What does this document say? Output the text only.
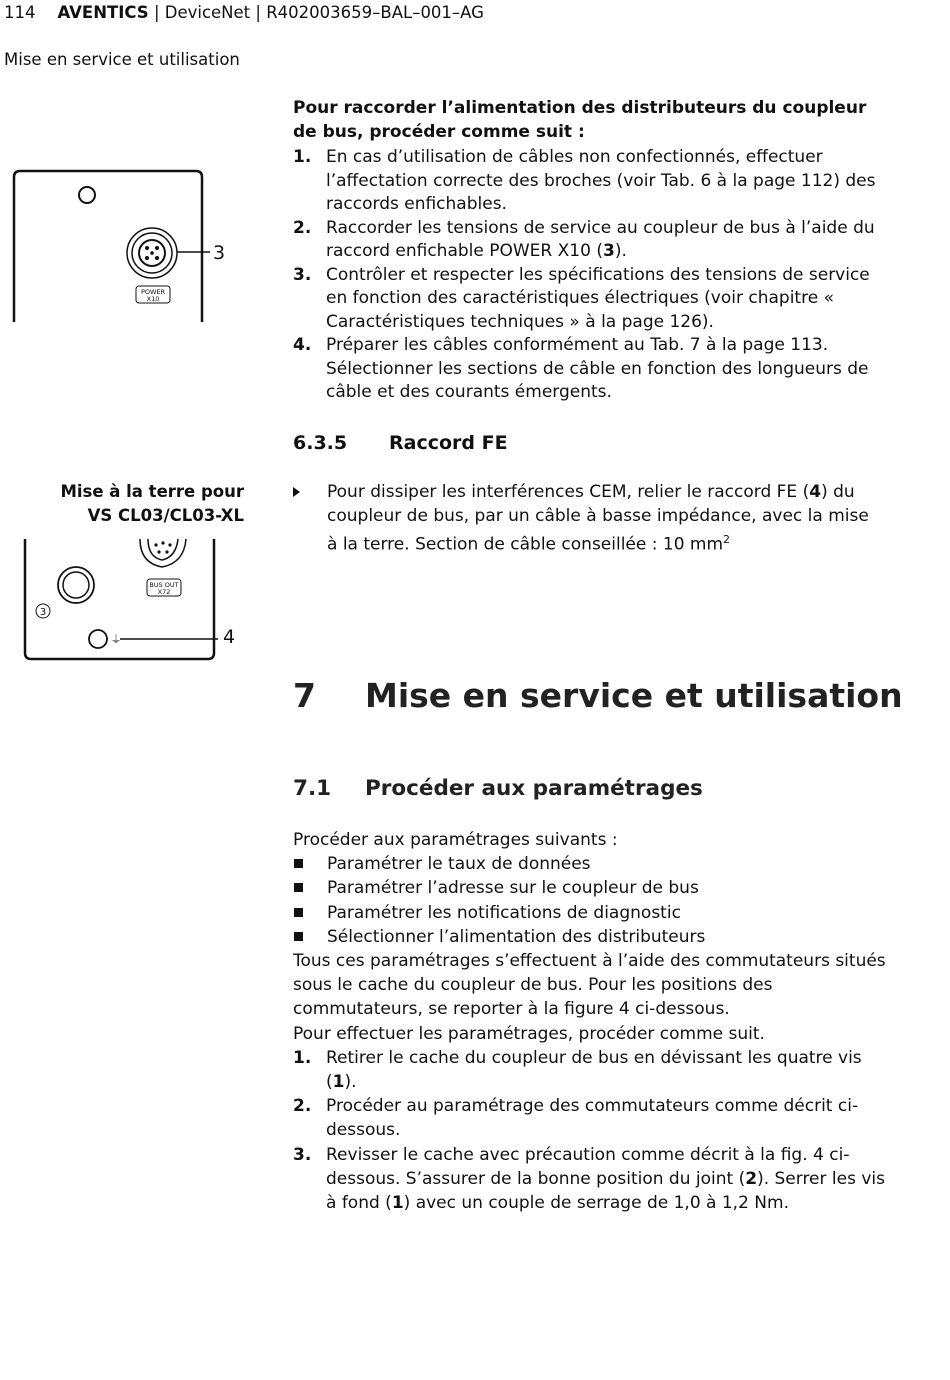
114 AVENTICS | DeviceNet | R402003659–BAL–001–AG
Mise en service et utilisation
3
POWER
X10
Pour raccorder l’alimentation des distributeurs du coupleur de bus, procéder comme suit :
1. En cas d’utilisation de câbles non confectionnés, effectuer l’affectation correcte des broches (voir Tab. 6 à la page 112) des raccords enfichables.
2. Raccorder les tensions de service au coupleur de bus à l’aide du raccord enfichable POWER X10 (3).
3. Contrôler et respecter les spécifications des tensions de service en fonction des caractéristiques électriques (voir chapitre « Caractéristiques techniques » à la page 126).
4. Préparer les câbles conformément au Tab. 7 à la page 113. Sélectionner les sections de câble en fonction des longueurs de câble et des courants émergents.
6.3.5 Raccord FE
Mise à la terre pour VS CL03/CL03-XL
Pour dissiper les interférences CEM, relier le raccord FE (4) du coupleur de bus, par un câble à basse impédance, avec la mise à la terre. Section de câble conseillée : 10 $mm^2$
BUS OUT
X72
3
⏚	4
7 Mise en service et utilisation
7.1 Procéder aux paramétrages
Procéder aux paramétrages suivants :
Paramétrer le taux de données
Paramétrer l’adresse sur le coupleur de bus
Paramétrer les notifications de diagnostic
Sélectionner l’alimentation des distributeurs
Tous ces paramétrages s’effectuent à l’aide des commutateurs situés sous le cache du coupleur de bus. Pour les positions des commutateurs, se reporter à la figure 4 ci-dessous.
Pour effectuer les paramétrages, procéder comme suit.
1. Retirer le cache du coupleur de bus en dévissant les quatre vis (1).
2. Procéder au paramétrage des commutateurs comme décrit ci-dessous.
3. Revisser le cache avec précaution comme décrit à la fig. 4 ci-dessous. S’assurer de la bonne position du joint (2). Serrer les vis à fond (1) avec un couple de serrage de 1,0 à 1,2 Nm.
